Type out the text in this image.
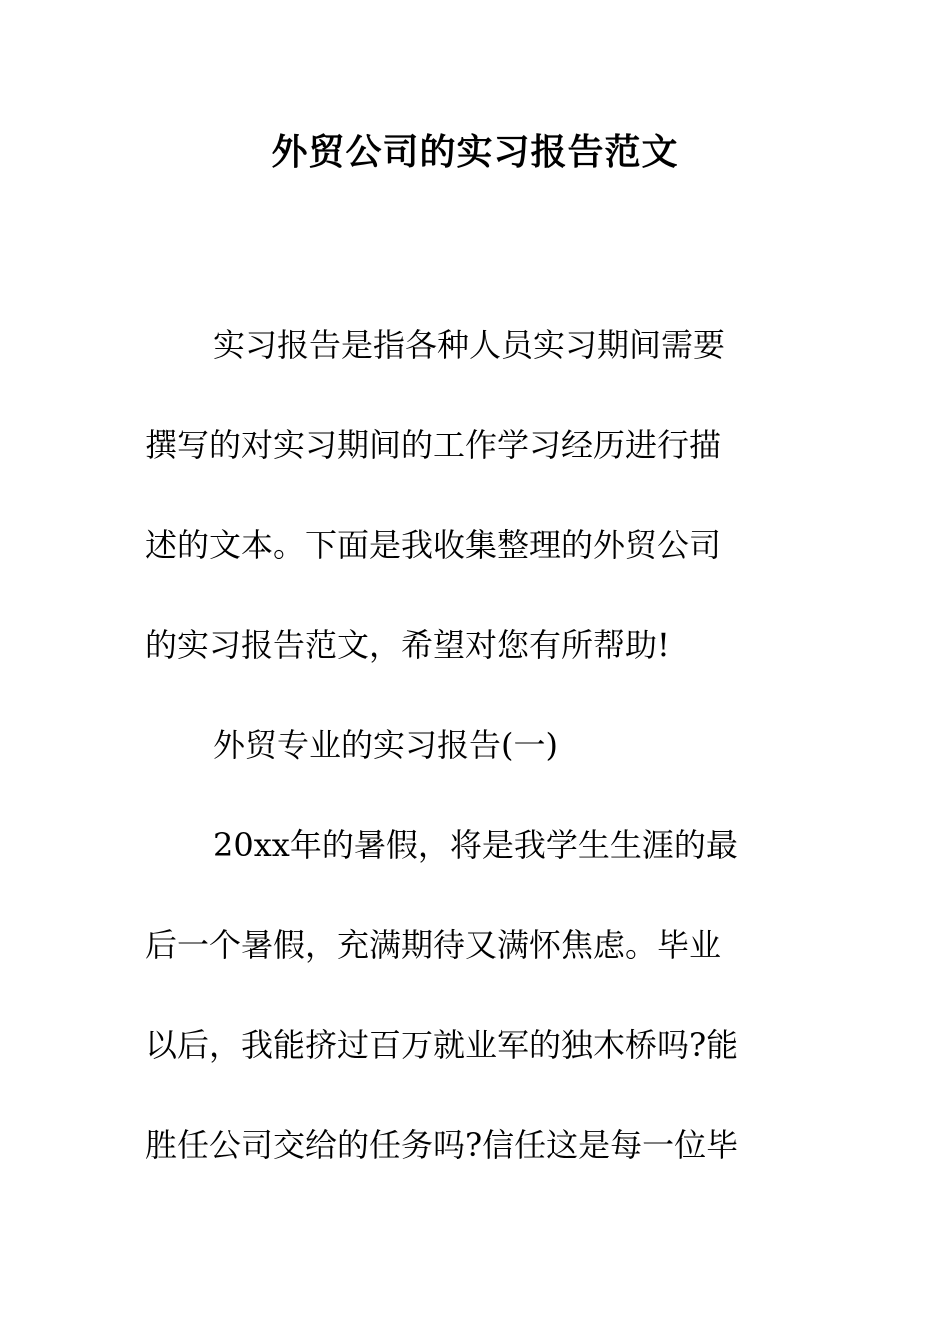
外贸公司的实习报告范文
实习报告是指各种人员实习期间需要
撰写的对实习期间的工作学习经历进行描
述的文本。下面是我收集整理的外贸公司
的实习报告范文，希望对您有所帮助!
外贸专业的实习报告(一)
20xx年的暑假，将是我学生生涯的最
后一个暑假，充满期待又满怀焦虑。毕业
以后，我能挤过百万就业军的独木桥吗?能
胜任公司交给的任务吗?信任这是每一位毕
